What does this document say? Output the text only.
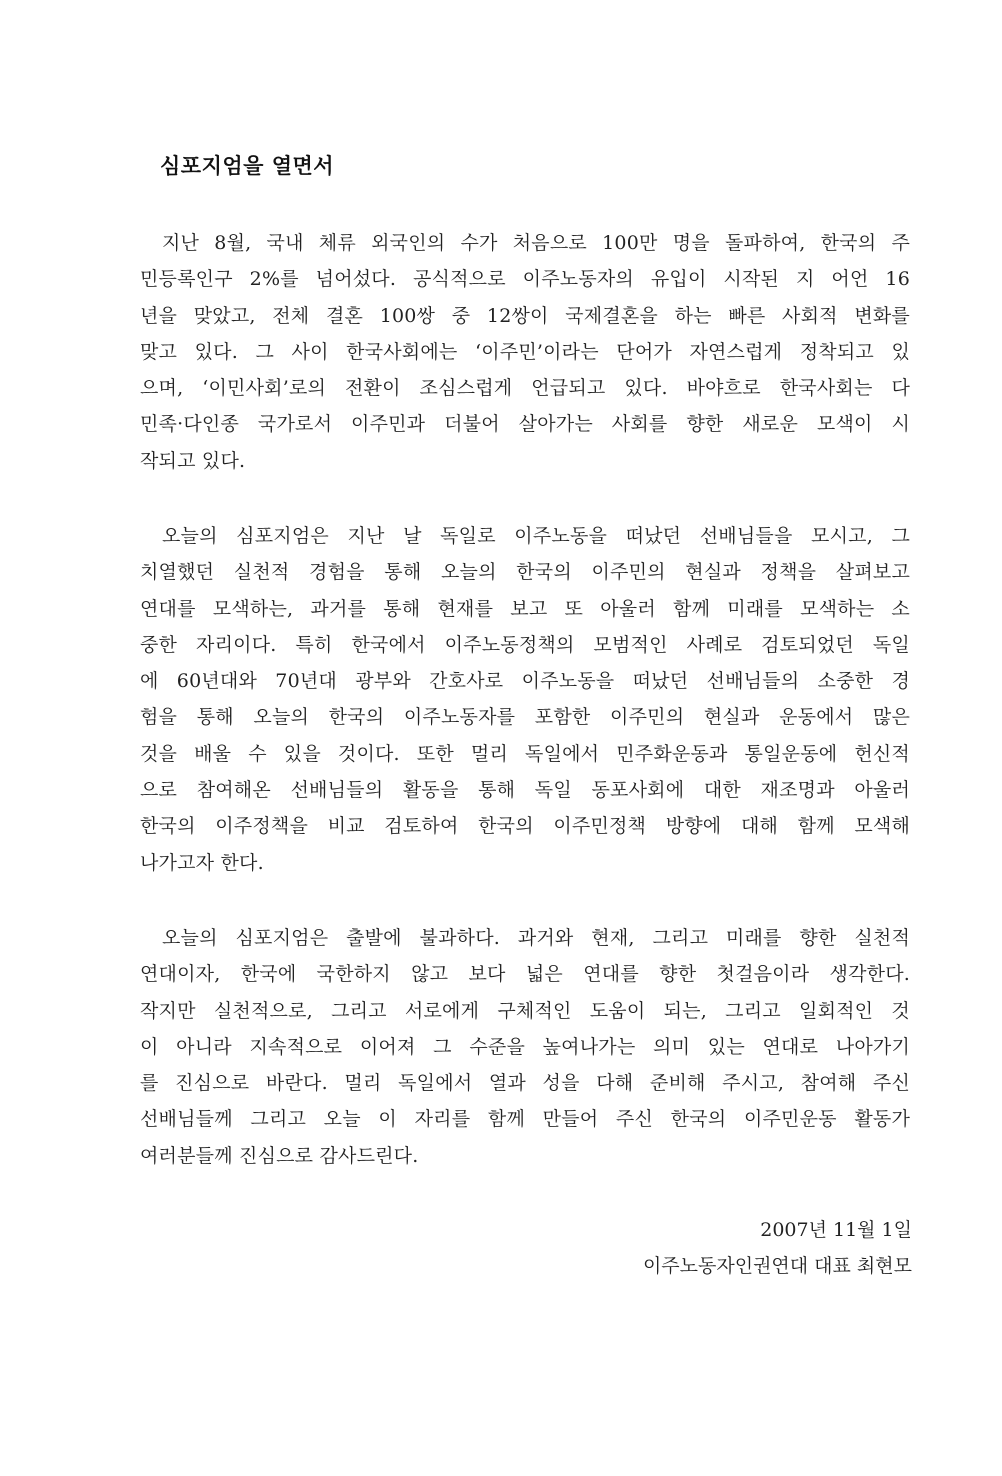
심포지엄을 열면서
지난 8월, 국내 체류 외국인의 수가 처음으로 100만 명을 돌파하여, 한국의 주
민등록인구 2%를 넘어섰다. 공식적으로 이주노동자의 유입이 시작된 지 어언 16
년을 맞았고, 전체 결혼 100쌍 중 12쌍이 국제결혼을 하는 빠른 사회적 변화를
맞고 있다. 그 사이 한국사회에는 ‘이주민’이라는 단어가 자연스럽게 정착되고 있
으며, ‘이민사회’로의 전환이 조심스럽게 언급되고 있다. 바야흐로 한국사회는 다
민족·다인종 국가로서 이주민과 더불어 살아가는 사회를 향한 새로운 모색이 시
작되고 있다.
오늘의 심포지엄은 지난 날 독일로 이주노동을 떠났던 선배님들을 모시고, 그
치열했던 실천적 경험을 통해 오늘의 한국의 이주민의 현실과 정책을 살펴보고
연대를 모색하는, 과거를 통해 현재를 보고 또 아울러 함께 미래를 모색하는 소
중한 자리이다. 특히 한국에서 이주노동정책의 모범적인 사례로 검토되었던 독일
에 60년대와 70년대 광부와 간호사로 이주노동을 떠났던 선배님들의 소중한 경
험을 통해 오늘의 한국의 이주노동자를 포함한 이주민의 현실과 운동에서 많은
것을 배울 수 있을 것이다. 또한 멀리 독일에서 민주화운동과 통일운동에 헌신적
으로 참여해온 선배님들의 활동을 통해 독일 동포사회에 대한 재조명과 아울러
한국의 이주정책을 비교 검토하여 한국의 이주민정책 방향에 대해 함께 모색해
나가고자 한다.
오늘의 심포지엄은 출발에 불과하다. 과거와 현재, 그리고 미래를 향한 실천적
연대이자, 한국에 국한하지 않고 보다 넓은 연대를 향한 첫걸음이라 생각한다.
작지만 실천적으로, 그리고 서로에게 구체적인 도움이 되는, 그리고 일회적인 것
이 아니라 지속적으로 이어져 그 수준을 높여나가는 의미 있는 연대로 나아가기
를 진심으로 바란다. 멀리 독일에서 열과 성을 다해 준비해 주시고, 참여해 주신
선배님들께 그리고 오늘 이 자리를 함께 만들어 주신 한국의 이주민운동 활동가
여러분들께 진심으로 감사드린다.
2007년 11월 1일
이주노동자인권연대 대표 최현모
